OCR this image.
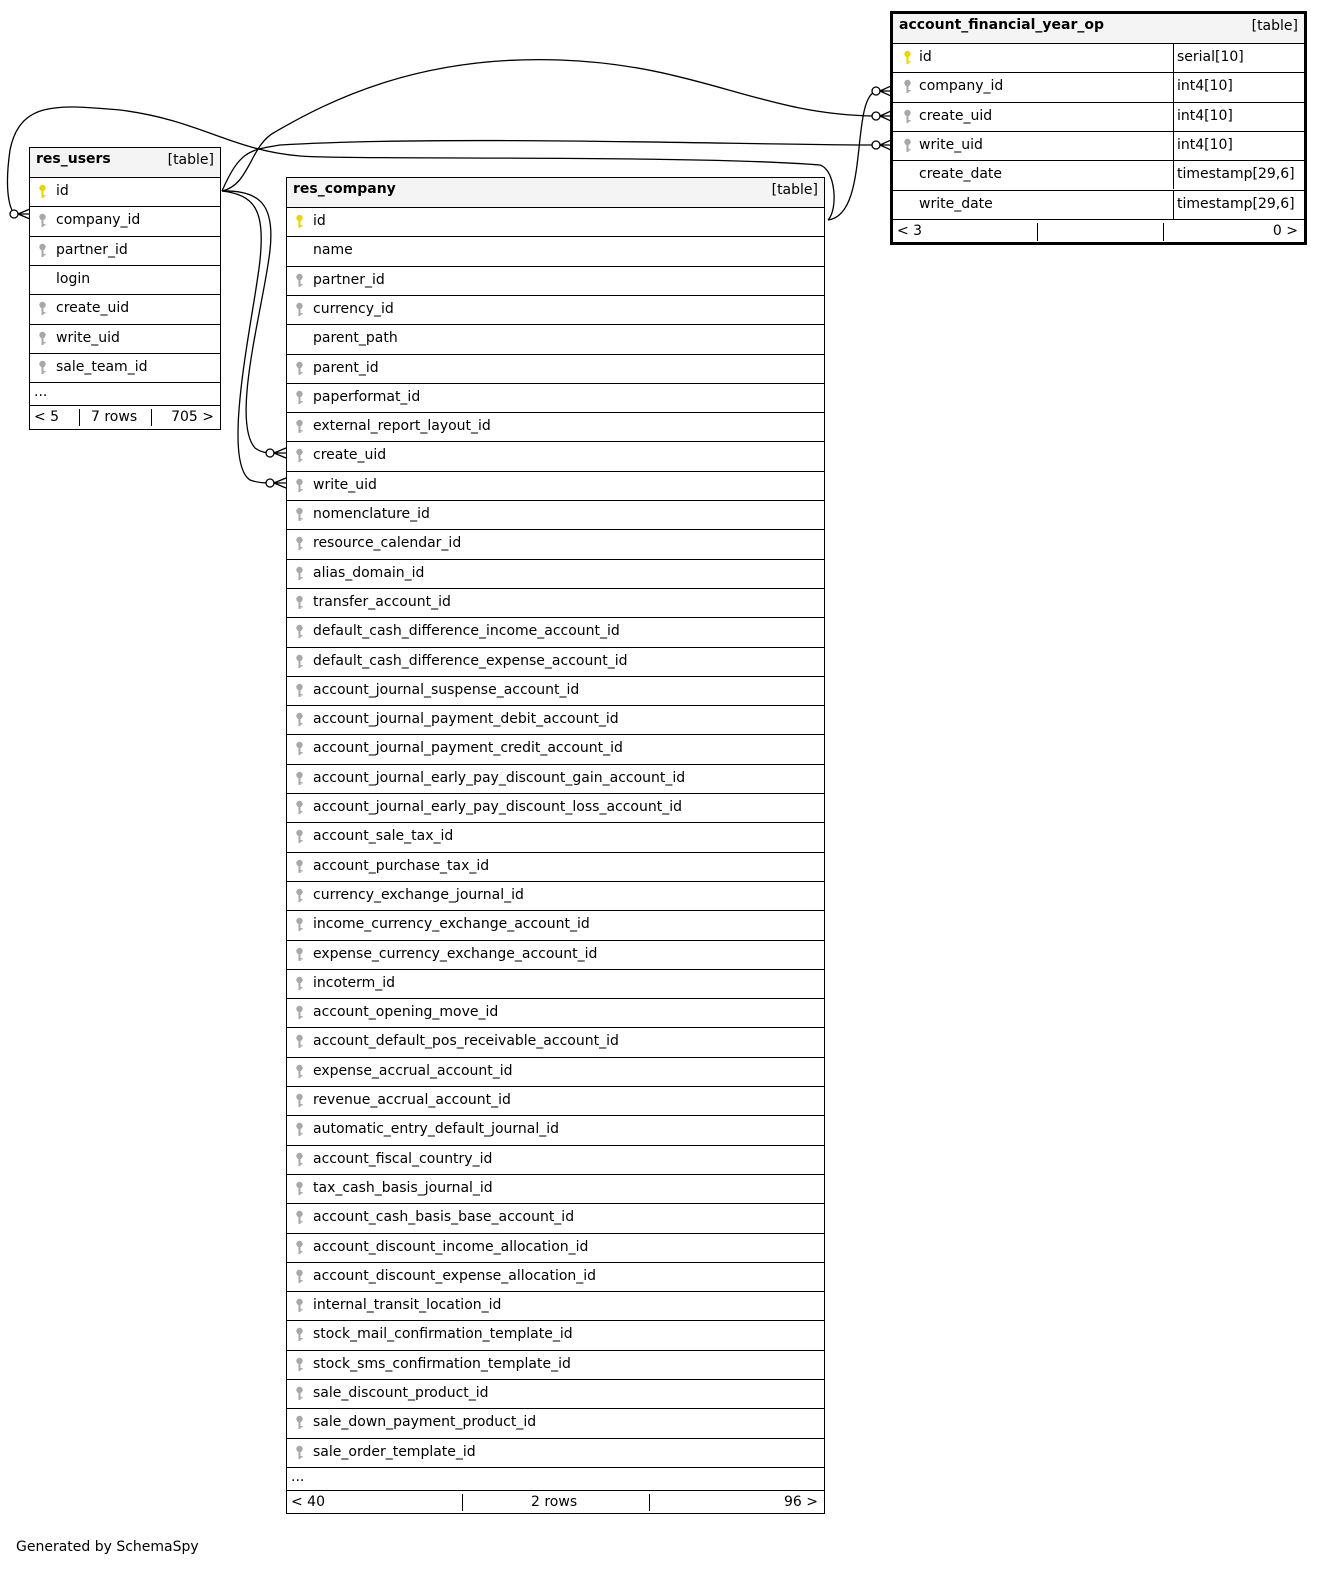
res_users	[table]
id
company_id
partner_id
login
create_uid
write_uid
sale_team_id
...
< 5 7 rows 705 >
res_company	[table]
id
name
partner_id
currency_id
parent_path
parent_id
paperformat_id
external_report_layout_id
create_uid
write_uid
nomenclature_id
resource_calendar_id
alias_domain_id
transfer_account_id
default_cash_difference_income_account_id
default_cash_difference_expense_account_id
account_journal_suspense_account_id
account_journal_payment_debit_account_id
account_journal_payment_credit_account_id
account_journal_early_pay_discount_gain_account_id
account_journal_early_pay_discount_loss_account_id
account_sale_tax_id
account_purchase_tax_id
currency_exchange_journal_id
income_currency_exchange_account_id
expense_currency_exchange_account_id
incoterm_id
account_opening_move_id
account_default_pos_receivable_account_id
expense_accrual_account_id
revenue_accrual_account_id
automatic_entry_default_journal_id
account_fiscal_country_id
tax_cash_basis_journal_id
account_cash_basis_base_account_id
account_discount_income_allocation_id
account_discount_expense_allocation_id
internal_transit_location_id
stock_mail_confirmation_template_id
stock_sms_confirmation_template_id
sale_discount_product_id
sale_down_payment_product_id
sale_order_template_id
...
< 40	2 rows	96 >
account_financial_year_op	[table]
id	serial[10]
company_id	int4[10]
create_uid	int4[10]
write_uid	int4[10]
create_date	timestamp[29,6]
write_date	timestamp[29,6]
< 3	0 >
Generated by SchemaSpy
